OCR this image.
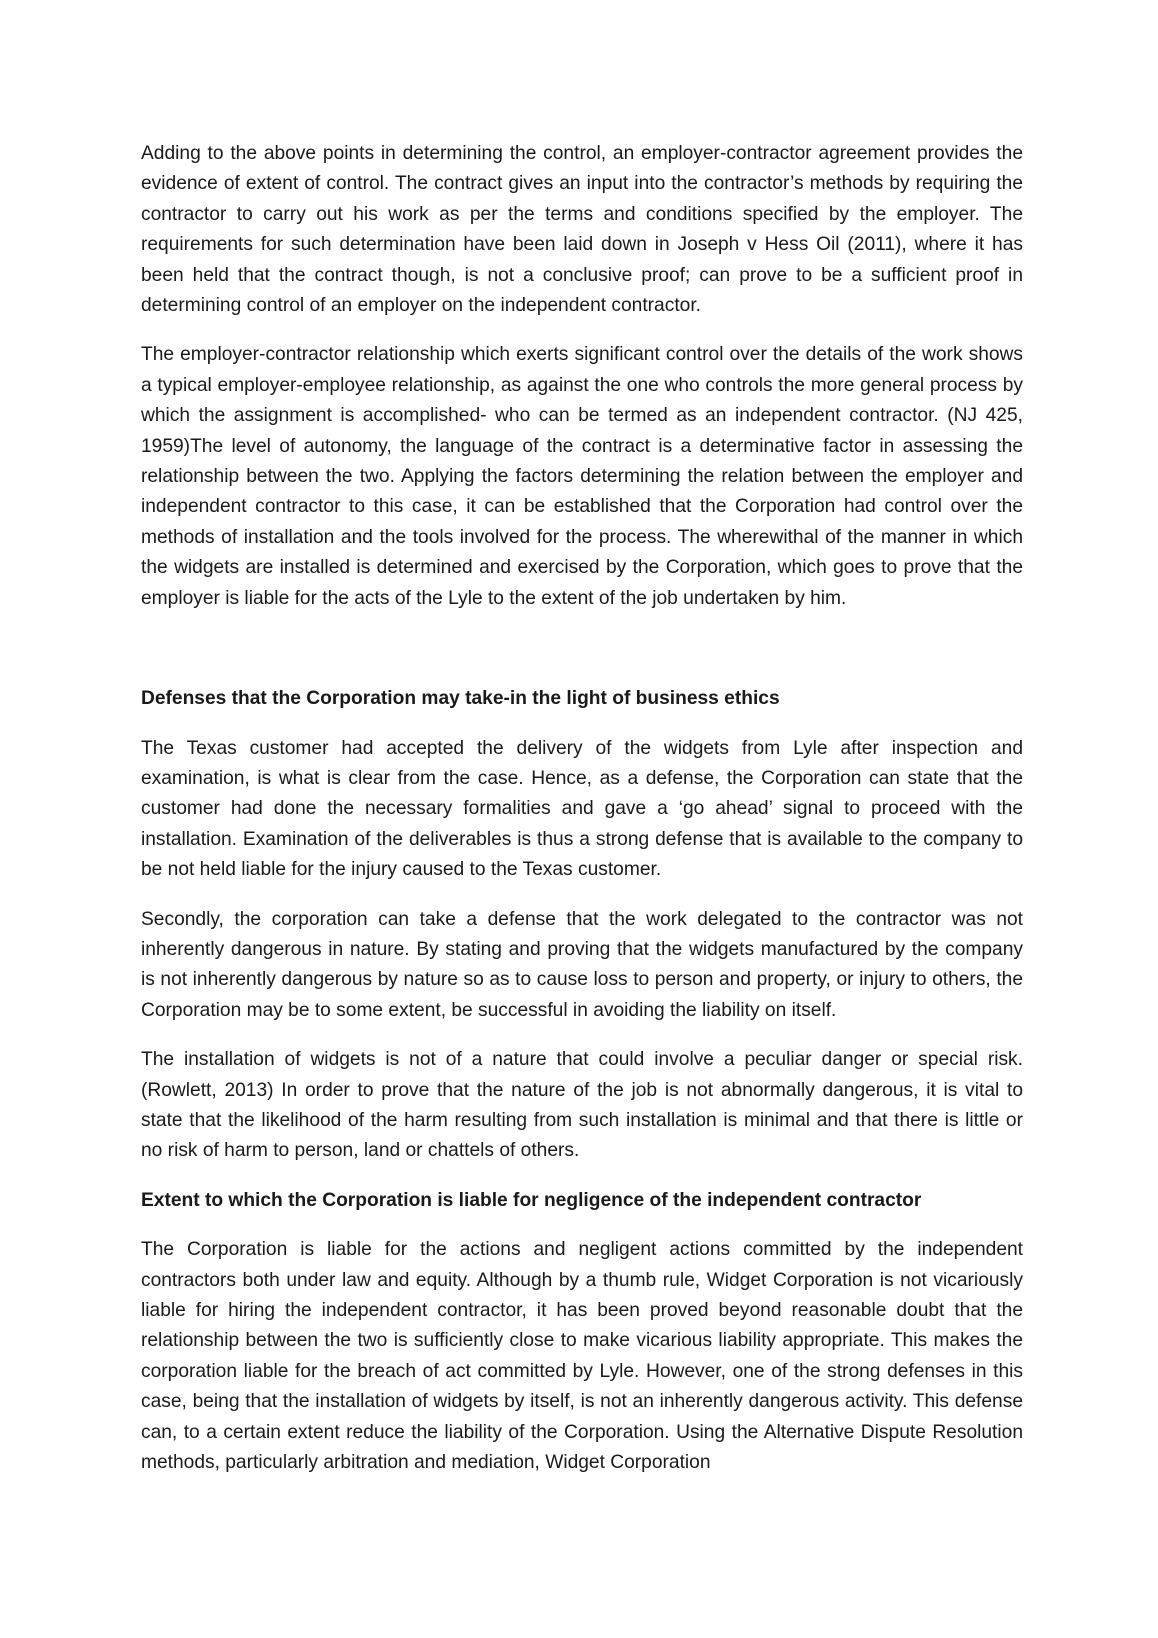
Adding to the above points in determining the control, an employer-contractor agreement provides the evidence of extent of control. The contract gives an input into the contractor’s methods by requiring the contractor to carry out his work as per the terms and conditions specified by the employer. The requirements for such determination have been laid down in Joseph v Hess Oil (2011), where it has been held that the contract though, is not a conclusive proof; can prove to be a sufficient proof in determining control of an employer on the independent contractor.

The employer-contractor relationship which exerts significant control over the details of the work shows a typical employer-employee relationship, as against the one who controls the more general process by which the assignment is accomplished- who can be termed as an independent contractor. (NJ 425, 1959)The level of autonomy, the language of the contract is a determinative factor in assessing the relationship between the two. Applying the factors determining the relation between the employer and independent contractor to this case, it can be established that the Corporation had control over the methods of installation and the tools involved for the process. The wherewithal of the manner in which the widgets are installed is determined and exercised by the Corporation, which goes to prove that the employer is liable for the acts of the Lyle to the extent of the job undertaken by him.

Defenses that the Corporation may take-in the light of business ethics

The Texas customer had accepted the delivery of the widgets from Lyle after inspection and examination, is what is clear from the case. Hence, as a defense, the Corporation can state that the customer had done the necessary formalities and gave a ‘go ahead’ signal to proceed with the installation. Examination of the deliverables is thus a strong defense that is available to the company to be not held liable for the injury caused to the Texas customer.

Secondly, the corporation can take a defense that the work delegated to the contractor was not inherently dangerous in nature. By stating and proving that the widgets manufactured by the company is not inherently dangerous by nature so as to cause loss to person and property, or injury to others, the Corporation may be to some extent, be successful in avoiding the liability on itself.

The installation of widgets is not of a nature that could involve a peculiar danger or special risk. (Rowlett, 2013) In order to prove that the nature of the job is not abnormally dangerous, it is vital to state that the likelihood of the harm resulting from such installation is minimal and that there is little or no risk of harm to person, land or chattels of others.

Extent to which the Corporation is liable for negligence of the independent contractor

The Corporation is liable for the actions and negligent actions committed by the independent contractors both under law and equity. Although by a thumb rule, Widget Corporation is not vicariously liable for hiring the independent contractor, it has been proved beyond reasonable doubt that the relationship between the two is sufficiently close to make vicarious liability appropriate. This makes the corporation liable for the breach of act committed by Lyle. However, one of the strong defenses in this case, being that the installation of widgets by itself, is not an inherently dangerous activity. This defense can, to a certain extent reduce the liability of the Corporation. Using the Alternative Dispute Resolution methods, particularly arbitration and mediation, Widget Corporation
